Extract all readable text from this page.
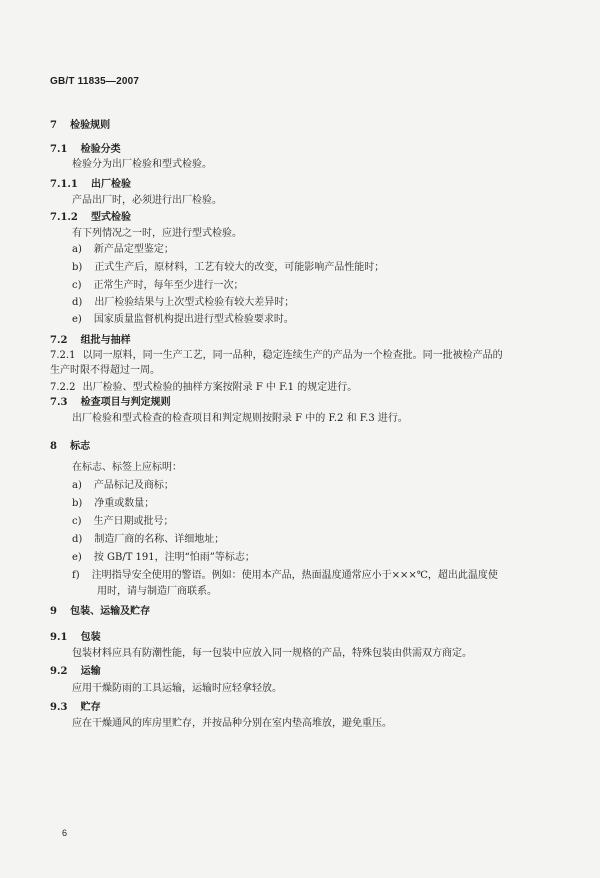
GB/T 11835—2007
7 检验规则
7.1 检验分类
检验分为出厂检验和型式检验。
7.1.1 出厂检验
产品出厂时，必须进行出厂检验。
7.1.2 型式检验
有下列情况之一时，应进行型式检验。
a) 新产品定型鉴定；
b) 正式生产后，原材料，工艺有较大的改变，可能影响产品性能时；
c) 正常生产时，每年至少进行一次；
d) 出厂检验结果与上次型式检验有较大差异时；
e) 国家质量监督机构提出进行型式检验要求时。
7.2 组批与抽样
7.2.1 以同一原料，同一生产工艺，同一品种，稳定连续生产的产品为一个检查批。同一批被检产品的
生产时限不得超过一周。
7.2.2 出厂检验、型式检验的抽样方案按附录 F 中 F.1 的规定进行。
7.3 检查项目与判定规则
出厂检验和型式检查的检查项目和判定规则按附录 F 中的 F.2 和 F.3 进行。
8 标志
在标志、标签上应标明：
a) 产品标记及商标；
b) 净重或数量；
c) 生产日期或批号；
d) 制造厂商的名称、详细地址；
e) 按 GB/T 191，注明“怕雨”等标志；
f) 注明指导安全使用的警语。例如：使用本产品，热面温度通常应小于×××℃，超出此温度使
用时，请与制造厂商联系。
9 包装、运输及贮存
9.1 包装
包装材料应具有防潮性能，每一包装中应放入同一规格的产品，特殊包装由供需双方商定。
9.2 运输
应用干燥防雨的工具运输，运输时应轻拿轻放。
9.3 贮存
应在干燥通风的库房里贮存，并按品种分别在室内垫高堆放，避免重压。
6
